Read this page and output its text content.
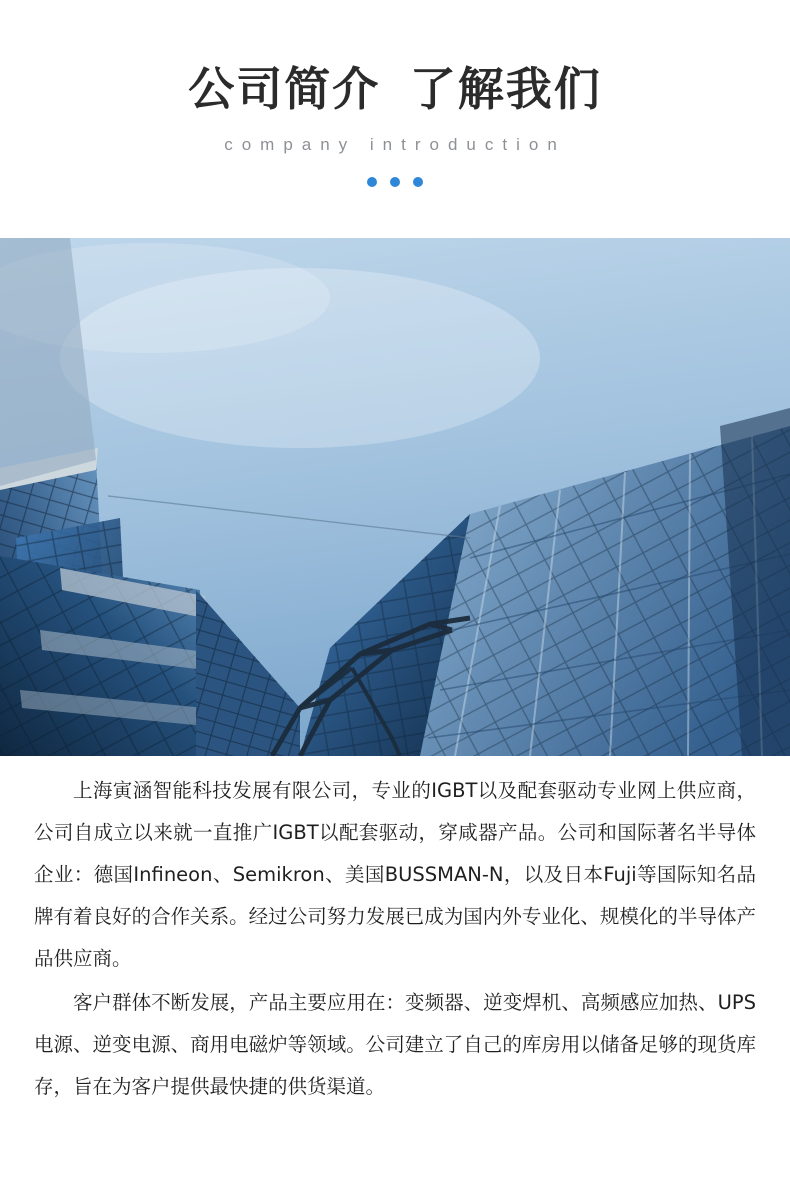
公司简介  了解我们
company introduction

上海寅涵智能科技发展有限公司，专业的IGBT以及配套驱动专业网上供应商，公司自成立以来就一直推广IGBT以配套驱动，穿咸器产品。公司和国际著名半导体企业：德国Infineon、Semikron、美国BUSSMAN-N，以及日本Fuji等国际知名品牌有着良好的合作关系。经过公司努力发展已成为国内外专业化、规模化的半导体产品供应商。

客户群体不断发展，产品主要应用在：变频器、逆变焊机、高频感应加热、UPS电源、逆变电源、商用电磁炉等领域。公司建立了自己的库房用以储备足够的现货库存，旨在为客户提供最快捷的供货渠道。
